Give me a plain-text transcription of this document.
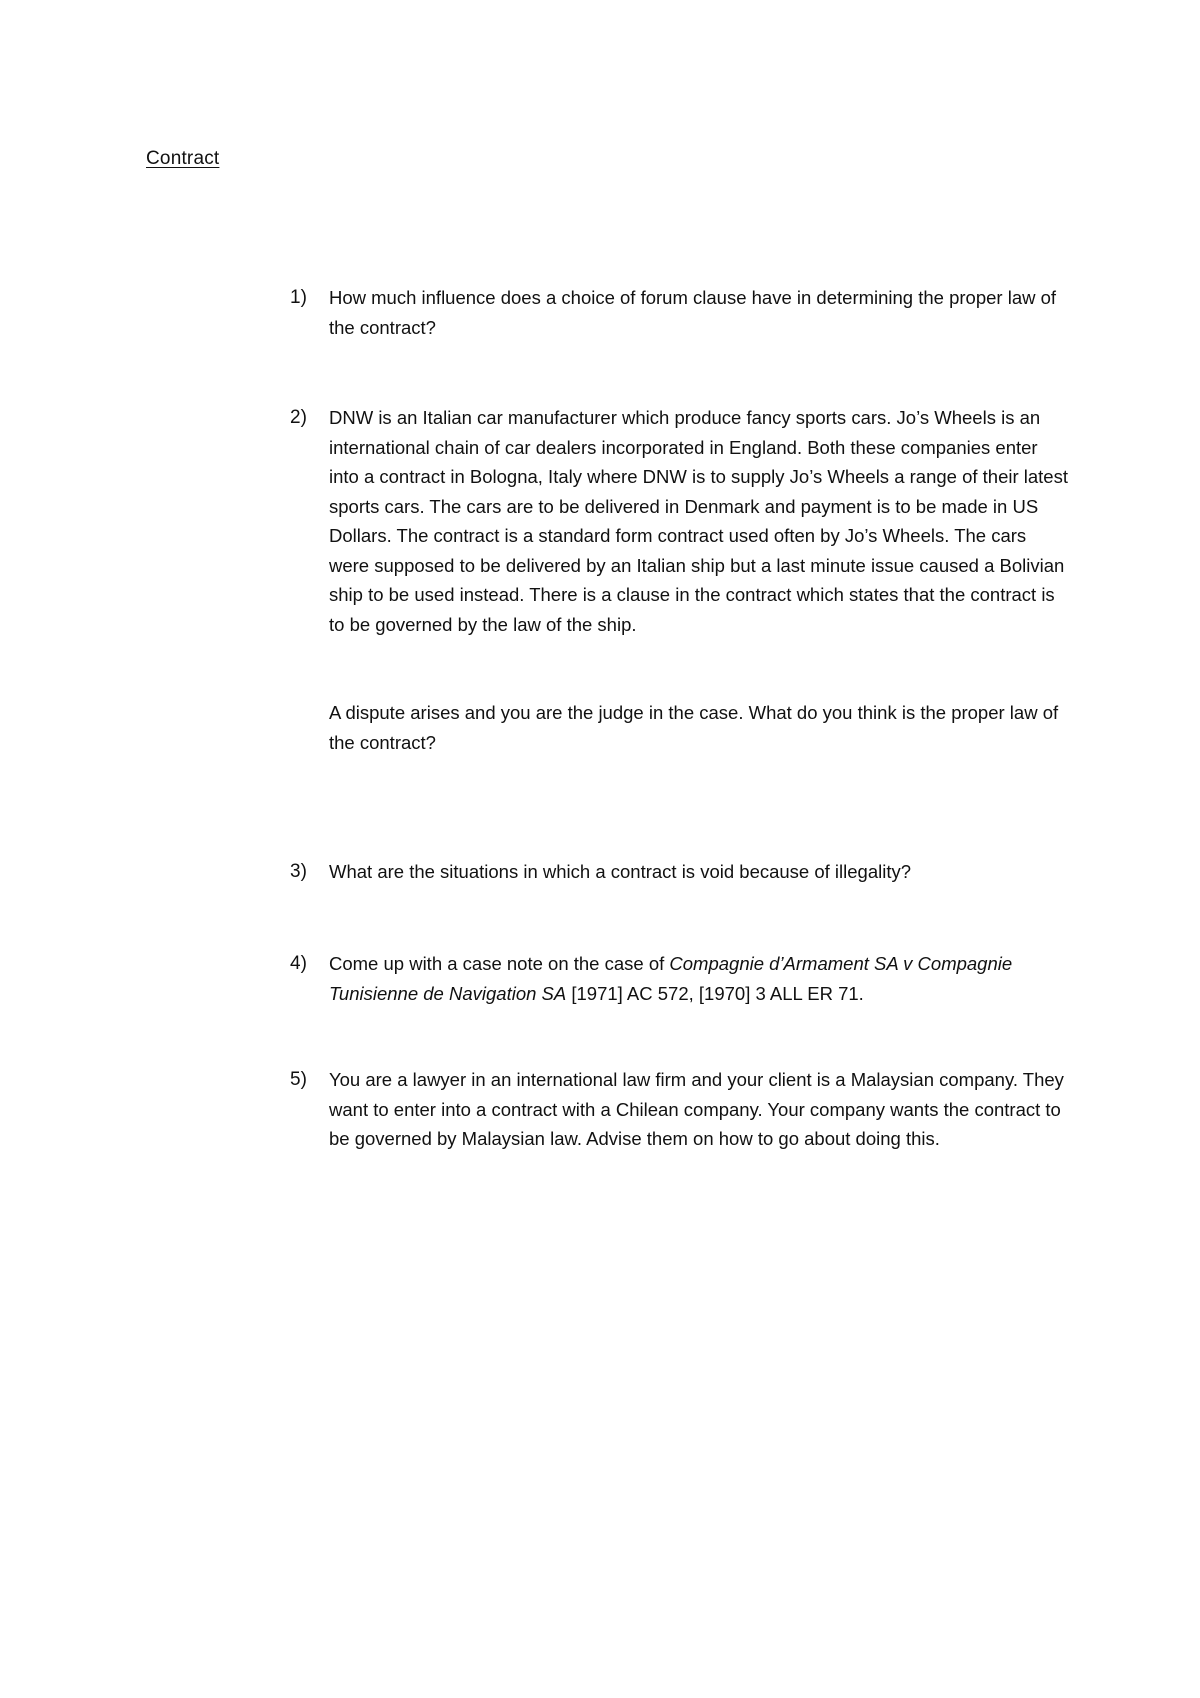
Contract
1) How much influence does a choice of forum clause have in determining the proper law of the contract?

2) DNW is an Italian car manufacturer which produce fancy sports cars. Jo’s Wheels is an international chain of car dealers incorporated in England. Both these companies enter into a contract in Bologna, Italy where DNW is to supply Jo’s Wheels a range of their latest sports cars. The cars are to be delivered in Denmark and payment is to be made in US Dollars. The contract is a standard form contract used often by Jo’s Wheels. The cars were supposed to be delivered by an Italian ship but a last minute issue caused a Bolivian ship to be used instead. There is a clause in the contract which states that the contract is to be governed by the law of the ship.

A dispute arises and you are the judge in the case. What do you think is the proper law of the contract?

3) What are the situations in which a contract is void because of illegality?

4) Come up with a case note on the case of Compagnie d’Armament SA v Compagnie Tunisienne de Navigation SA [1971] AC 572, [1970] 3 ALL ER 71.

5) You are a lawyer in an international law firm and your client is a Malaysian company. They want to enter into a contract with a Chilean company. Your company wants the contract to be governed by Malaysian law. Advise them on how to go about doing this.
